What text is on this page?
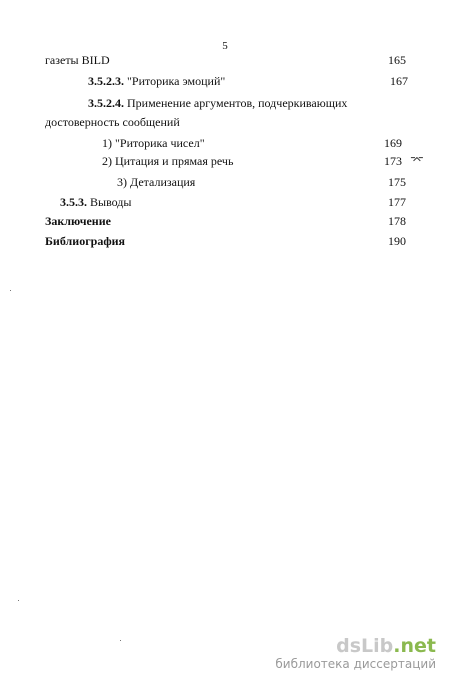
5
газеты BILD	165
3.5.2.3. "Риторика эмоций"	167
3.5.2.4. Применение аргументов, подчеркивающих
достоверность сообщений
1) "Риторика чисел"	169
2) Цитация и прямая речь	173 ⌤
3) Детализация	175
3.5.3. Выводы	177
Заключение	178
Библиография	190
dsLib.net
библиотека диссертаций
